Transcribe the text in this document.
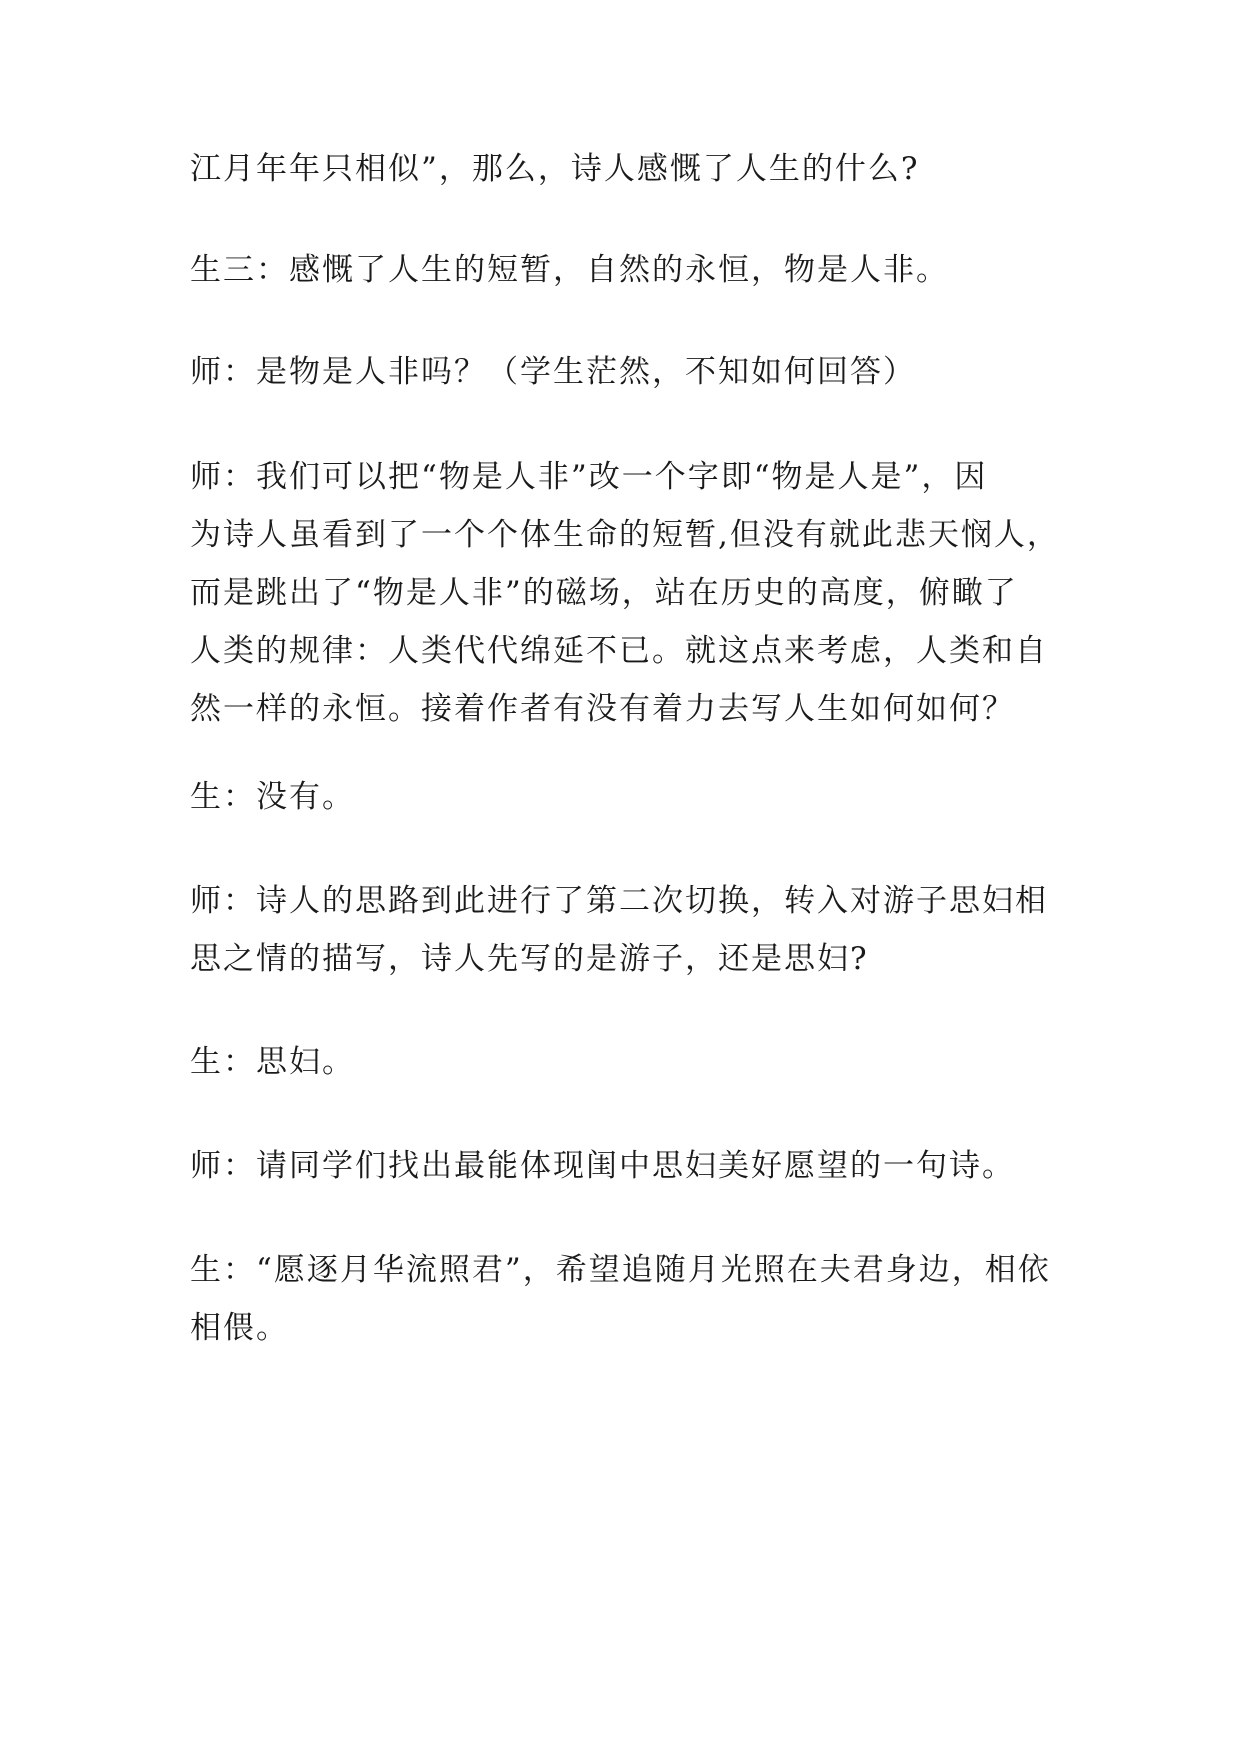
江月年年只相似”，那么，诗人感慨了人生的什么?

生三：感慨了人生的短暂，自然的永恒，物是人非。

师：是物是人非吗？（学生茫然，不知如何回答）

师：我们可以把“物是人非”改一个字即“物是人是”，因
为诗人虽看到了一个个体生命的短暂,但没有就此悲天悯人，
而是跳出了“物是人非”的磁场，站在历史的高度，俯瞰了
人类的规律：人类代代绵延不已。就这点来考虑，人类和自
然一样的永恒。接着作者有没有着力去写人生如何如何？

生：没有。

师：诗人的思路到此进行了第二次切换，转入对游子思妇相
思之情的描写，诗人先写的是游子，还是思妇?

生：思妇。

师：请同学们找出最能体现闺中思妇美好愿望的一句诗。

生：“愿逐月华流照君”，希望追随月光照在夫君身边，相依
相偎。
